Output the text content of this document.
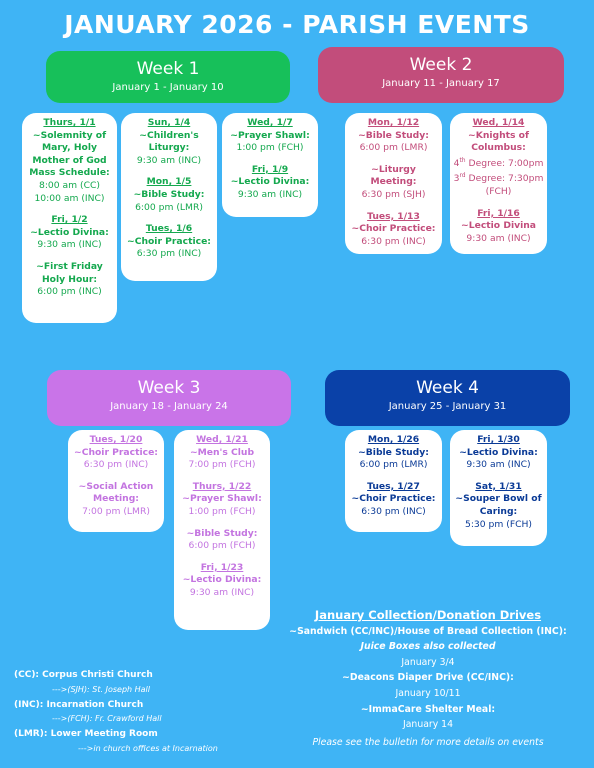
JANUARY 2026 - PARISH EVENTS
Week 1
January 1 - January 10
Week 2
January 11 - January 17
Week 3
January 18 - January 24
Week 4
January 25 - January 31
Thurs, 1/1
~Solemnity of Mary, Holy Mother of God
Mass Schedule:
8:00 am (CC)
10:00 am (INC)
Fri, 1/2
~Lectio Divina:
9:30 am (INC)
~First Friday Holy Hour:
6:00 pm (INC)
Sun, 1/4
~Children's Liturgy:
9:30 am (INC)
Mon, 1/5
~Bible Study:
6:00 pm (LMR)
Tues, 1/6
~Choir Practice:
6:30 pm (INC)
Wed, 1/7
~Prayer Shawl:
1:00 pm (FCH)
Fri, 1/9
~Lectio Divina:
9:30 am (INC)
Mon, 1/12
~Bible Study:
6:00 pm (LMR)
~Liturgy Meeting:
6:30 pm (SJH)
Tues, 1/13
~Choir Practice:
6:30 pm (INC)
Wed, 1/14
~Knights of Columbus:
4th Degree: 7:00pm
3rd Degree: 7:30pm
(FCH)
Fri, 1/16
~Lectio Divina
9:30 am (INC)
Tues, 1/20
~Choir Practice:
6:30 pm (INC)
~Social Action Meeting:
7:00 pm (LMR)
Wed, 1/21
~Men's Club
7:00 pm (FCH)
Thurs, 1/22
~Prayer Shawl:
1:00 pm (FCH)
~Bible Study:
6:00 pm (FCH)
Fri, 1/23
~Lectio Divina:
9:30 am (INC)
Mon, 1/26
~Bible Study:
6:00 pm (LMR)
Tues, 1/27
~Choir Practice:
6:30 pm (INC)
Fri, 1/30
~Lectio Divina:
9:30 am (INC)
Sat, 1/31
~Souper Bowl of Caring:
5:30 pm (FCH)
January Collection/Donation Drives
~Sandwich (CC/INC)/House of Bread Collection (INC):
Juice Boxes also collected
January 3/4
~Deacons Diaper Drive (CC/INC):
January 10/11
~ImmaCare Shelter Meal:
January 14
Please see the bulletin for more details on events
(CC): Corpus Christi Church
--->(SJH): St. Joseph Hall
(INC): Incarnation Church
--->(FCH): Fr. Crawford Hall
(LMR): Lower Meeting Room
--->in church offices at Incarnation
